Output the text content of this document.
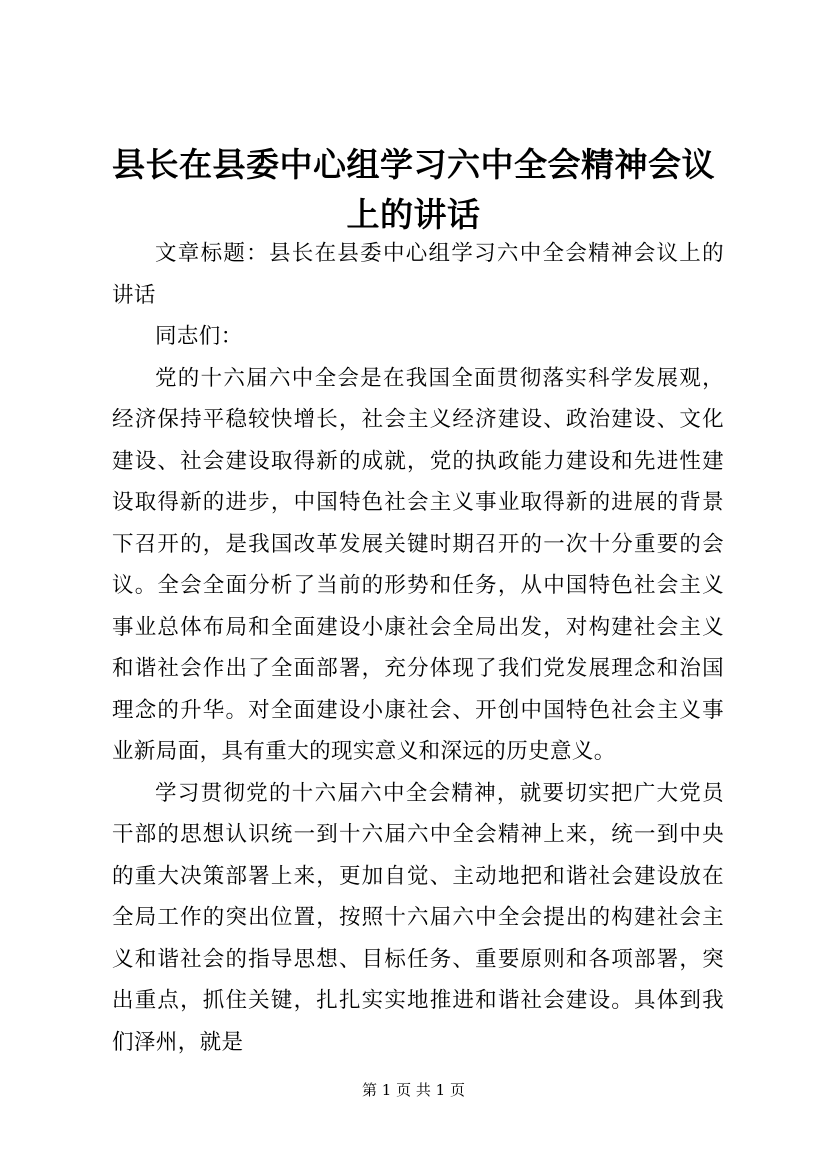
县长在县委中心组学习六中全会精神会议上的讲话

文章标题：县长在县委中心组学习六中全会精神会议上的讲话

同志们：

党的十六届六中全会是在我国全面贯彻落实科学发展观，经济保持平稳较快增长，社会主义经济建设、政治建设、文化建设、社会建设取得新的成就，党的执政能力建设和先进性建设取得新的进步，中国特色社会主义事业取得新的进展的背景下召开的，是我国改革发展关键时期召开的一次十分重要的会议。全会全面分析了当前的形势和任务，从中国特色社会主义事业总体布局和全面建设小康社会全局出发，对构建社会主义和谐社会作出了全面部署，充分体现了我们党发展理念和治国理念的升华。对全面建设小康社会、开创中国特色社会主义事业新局面，具有重大的现实意义和深远的历史意义。

学习贯彻党的十六届六中全会精神，就要切实把广大党员干部的思想认识统一到十六届六中全会精神上来，统一到中央的重大决策部署上来，更加自觉、主动地把和谐社会建设放在全局工作的突出位置，按照十六届六中全会提出的构建社会主义和谐社会的指导思想、目标任务、重要原则和各项部署，突出重点，抓住关键，扎扎实实地推进和谐社会建设。具体到我们泽州，就是

第 1 页 共 1 页
